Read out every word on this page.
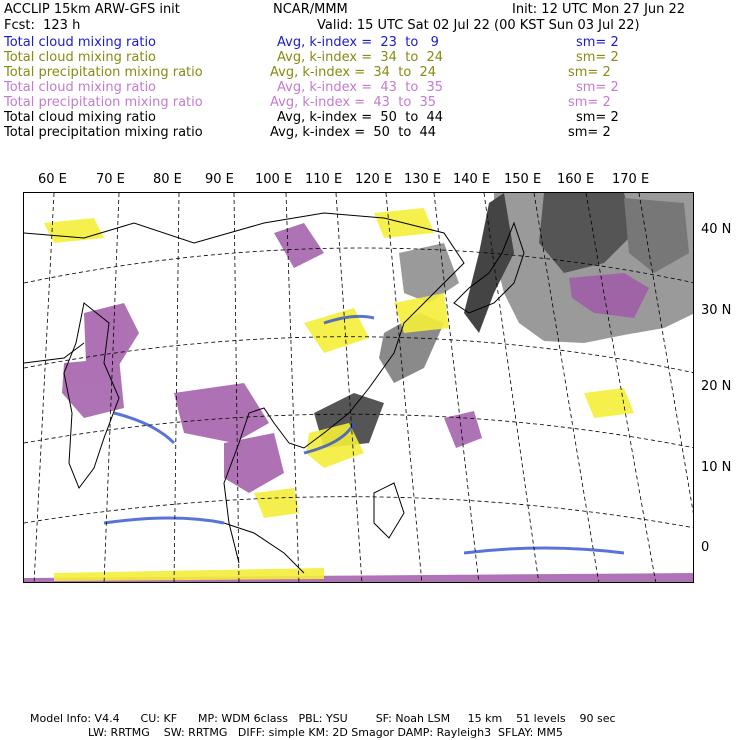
ACCLIP 15km ARW-GFS init	NCAR/MMM	Init: 12 UTC Mon 27 Jun 22
Fcst:  123 h	Valid: 15 UTC Sat 02 Jul 22 (00 KST Sun 03 Jul 22)
Total cloud mixing ratio	Avg, k-index =  23  to   9	sm= 2
Total cloud mixing ratio	Avg, k-index =  34  to  24	sm= 2
Total precipitation mixing ratio	Avg, k-index =  34  to  24	sm= 2
Total cloud mixing ratio	Avg, k-index =  43  to  35	sm= 2
Total precipitation mixing ratio	Avg, k-index =  43  to  35	sm= 2
Total cloud mixing ratio	Avg, k-index =  50  to  44	sm= 2
Total precipitation mixing ratio	Avg, k-index =  50  to  44	sm= 2
60 E 70 E 80 E 90 E 100 E 110 E 120 E 130 E 140 E 150 E 160 E 170 E
40 N
30 N
20 N
10 N
0
Model Info: V4.4      CU: KF      MP: WDM 6class   PBL: YSU        SF: Noah LSM     15 km    51 levels    90 sec
LW: RRTMG    SW: RRTMG   DIFF: simple KM: 2D Smagor DAMP: Rayleigh3  SFLAY: MM5
